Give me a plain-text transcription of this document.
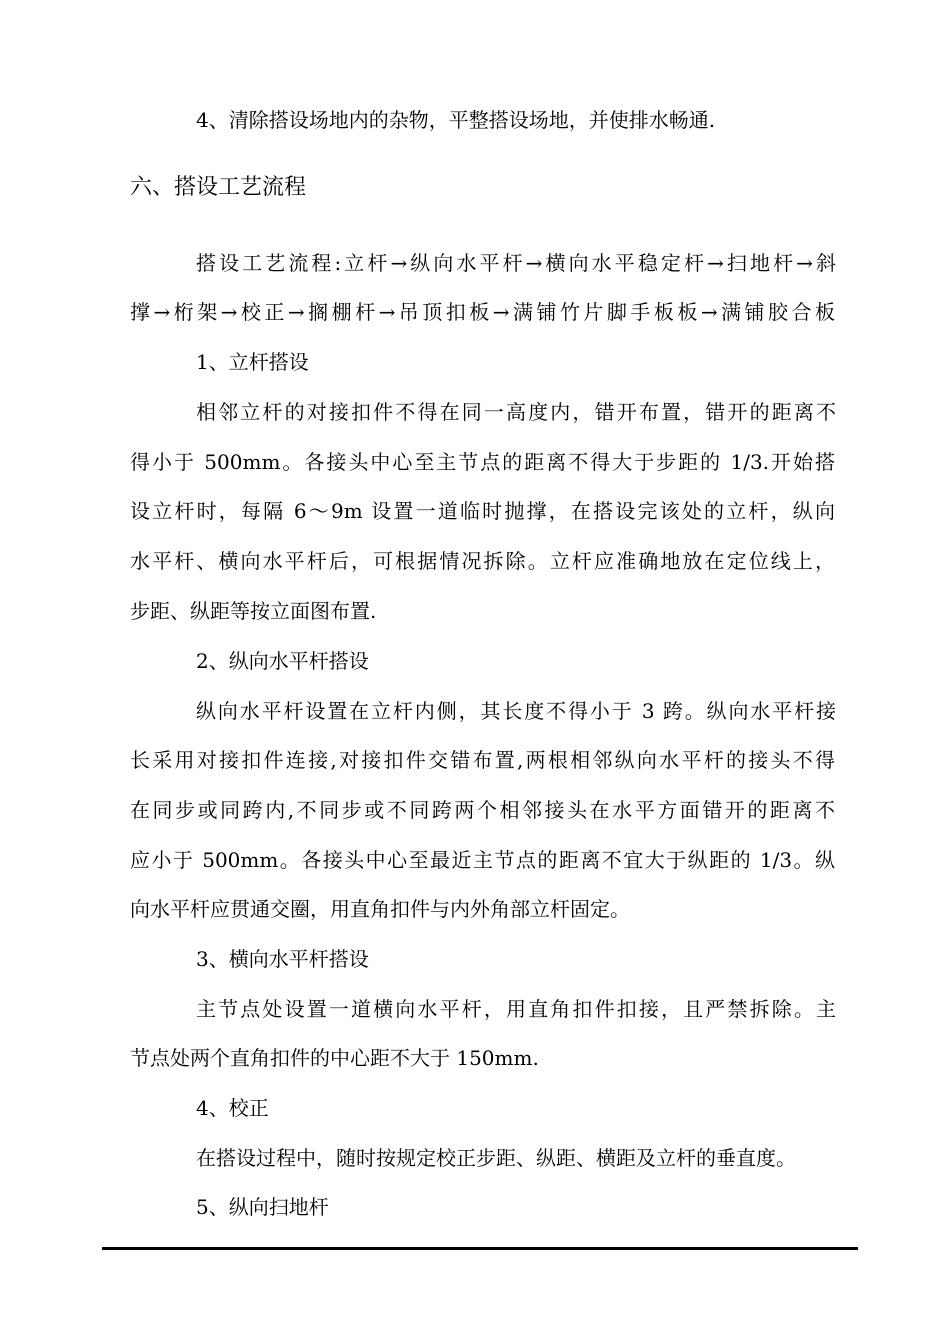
4、清除搭设场地内的杂物，平整搭设场地，并使排水畅通.
六、搭设工艺流程
搭设工艺流程:立杆→纵向水平杆→横向水平稳定杆→扫地杆→斜
撑→桁架→校正→搁棚杆→吊顶扣板→满铺竹片脚手板板→满铺胶合板
1、立杆搭设
相邻立杆的对接扣件不得在同一高度内，错开布置，错开的距离不
得小于 500mm。各接头中心至主节点的距离不得大于步距的 1/3.开始搭
设立杆时，每隔 6～9m 设置一道临时抛撑，在搭设完该处的立杆，纵向
水平杆、横向水平杆后，可根据情况拆除。立杆应准确地放在定位线上，
步距、纵距等按立面图布置.
2、纵向水平杆搭设
纵向水平杆设置在立杆内侧，其长度不得小于 3 跨。纵向水平杆接
长采用对接扣件连接,对接扣件交错布置,两根相邻纵向水平杆的接头不得
在同步或同跨内,不同步或不同跨两个相邻接头在水平方面错开的距离不
应小于 500mm。各接头中心至最近主节点的距离不宜大于纵距的 1/3。纵
向水平杆应贯通交圈，用直角扣件与内外角部立杆固定。
3、横向水平杆搭设
主节点处设置一道横向水平杆，用直角扣件扣接，且严禁拆除。主
节点处两个直角扣件的中心距不大于 150mm.
4、校正
在搭设过程中，随时按规定校正步距、纵距、横距及立杆的垂直度。
5、纵向扫地杆
